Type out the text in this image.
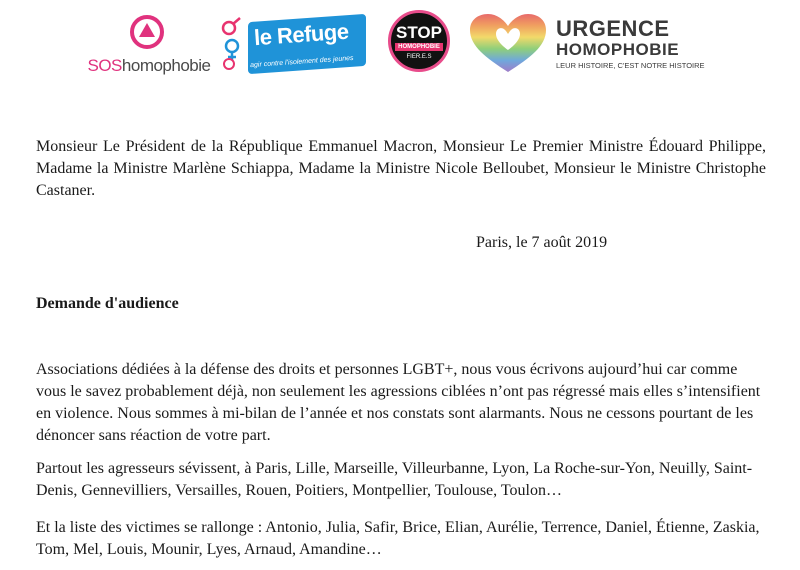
SOShomophobie
le Refuge
agir contre l'isolement des jeunes
STOP
HOMOPHOBIE
FIER.E.S
URGENCE
HOMOPHOBIE
LEUR HISTOIRE, C'EST NOTRE HISTOIRE

Monsieur Le Président de la République Emmanuel Macron, Monsieur Le Premier Ministre Édouard Philippe, Madame la Ministre Marlène Schiappa, Madame la Ministre Nicole Belloubet, Monsieur le Ministre Christophe Castaner.

Paris, le 7 août 2019
Demande d'audience

Associations dédiées à la défense des droits et personnes LGBT+, nous vous écrivons aujourd’hui car comme vous le savez probablement déjà, non seulement les agressions ciblées n’ont pas régressé mais elles s’intensifient en violence. Nous sommes à mi-bilan de l’année et nos constats sont alarmants. Nous ne cessons pourtant de les dénoncer sans réaction de votre part.

Partout les agresseurs sévissent, à Paris, Lille, Marseille, Villeurbanne, Lyon, La Roche-sur-Yon, Neuilly, Saint-Denis, Gennevilliers, Versailles, Rouen, Poitiers, Montpellier, Toulouse, Toulon…

Et la liste des victimes se rallonge : Antonio, Julia, Safir, Brice, Elian, Aurélie, Terrence, Daniel, Étienne, Zaskia, Tom, Mel, Louis, Mounir, Lyes, Arnaud, Amandine…
